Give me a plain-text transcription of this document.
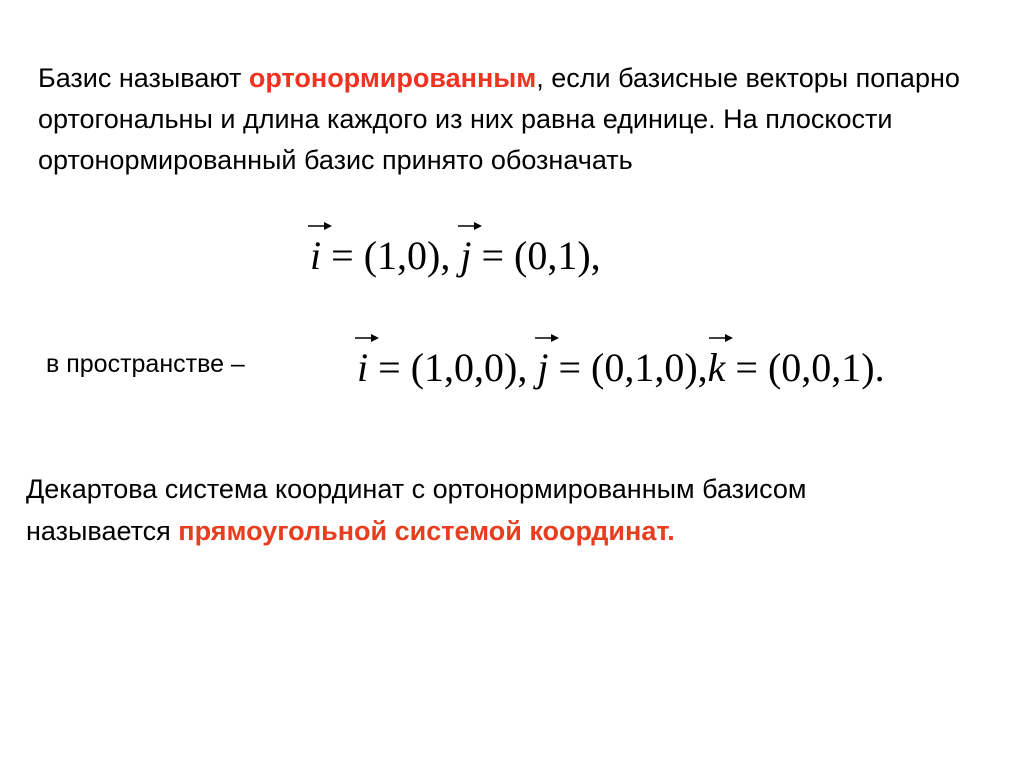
Базис называют ортонормированным, если базисные векторы попарно ортогональны и длина каждого из них равна единице. На плоскости ортонормированный базис принято обозначать
i
= (1,0), j
= (0,1),
в пространстве –	i
= (1,0,0), j
= (0,1,0),k
= (0,0,1).
Декартова система координат с ортонормированным базисом
называется прямоугольной системой координат.
